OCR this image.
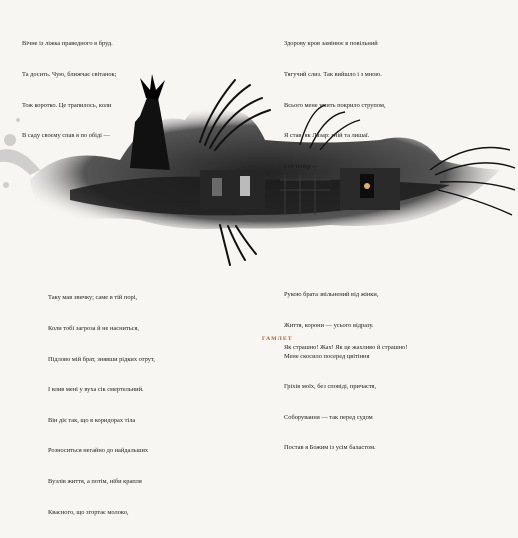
Вічне із ліжка праведного в бруд.

Та досить. Чую, ближчає світанок;

Тож коротко. Це трапилось, коли

В саду своєму спав я по обіді —

Здорову кров замінює в повільний

Тягучий слиз. Так вийшло і з мною.

Всього мене умить покрило струпом,

Я став, як Лазар: гній та лишаї.

І от тепер —

Таку мав звичку; саме в тій порі,

Коли тобі загроза й не насниться,

Підлово мій брат, знявши рідких отрут,

І влив мені у вуха сік смертельний.

Він діє так, що в коридорах тіла

Розноситься негайно до найдальших

Вузлів життя, а потім, ніби крапля

Квасного, що згортає молоко,

Рукою брата звільнений від жінки,

Життя, корони — усього відразу.

Мене скосило посеред цвітіння

Гріхів моїх, без сповіді, причастя,

Соборування — так перед судом

Постав я Божим із усім баластом.

ГАМЛЕТ
Як страшно! Жах! Як це жахливо й страшно!
